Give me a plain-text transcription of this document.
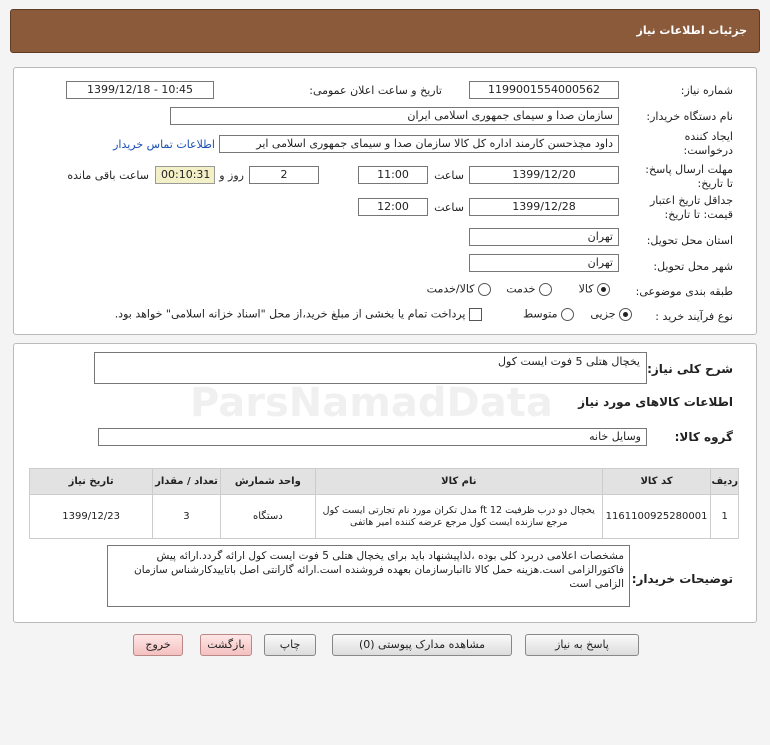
جزئیات اطلاعات نیاز
شماره نیاز:
1199001554000562
تاریخ و ساعت اعلان عمومی:
1399/12/18 - 10:45
نام دستگاه خریدار:
سازمان صدا و سیمای جمهوری اسلامی ایران
ایجاد کننده
درخواست:
داود مچذحسن کارمند اداره کل کالا سازمان صدا و سیمای جمهوری اسلامی ایر
اطلاعات تماس خریدار
مهلت ارسال پاسخ:
تا تاریخ:
1399/12/20
ساعت
11:00
2
روز و
00:10:31
ساعت باقی مانده
جداقل تاریخ اعتبار
قیمت: تا تاریخ:
1399/12/28
ساعت
12:00
استان محل تحویل:
تهران
شهر محل تحویل:
تهران
طبقه بندی موضوعی:
کالا
خدمت
کالا/خدمت
نوع فرآیند خرید :
جزیی
متوسط
پرداخت تمام یا بخشی از مبلغ خرید،از محل "اسناد خزانه اسلامی" خواهد بود.
شرح کلی نیاز:
یخچال هتلی 5 فوت ایست کول
اطلاعات کالاهای مورد نیاز
گروه کالا:
وسایل خانه
ردیف	کد کالا	نام کالا	واحد شمارش	تعداد / مقدار	تاریخ نیاز
1	1161100925280001	یخچال دو درب ظرفیت 12 ft مدل تکران مورد نام تجارتی ایست کول مرجع سازنده ایست کول مرجع عرضه کننده امیر هاتفی	دستگاه	3	1399/12/23
توضیحات خریدار:
مشخصات اعلامی دربرد کلی بوده ،لذاپیشنهاد باید برای یخچال هتلی 5 فوت ایست کول ارائه گردد.ارائه پیش فاکتورالزامی است.هزینه حمل کالا تاانبارسازمان بعهده فروشنده است.ارائه گارانتی اصل باتاییدکارشناس سازمان الزامی است
پاسخ به نیاز
مشاهده مدارک پیوستی (0)
چاپ
بازگشت
خروج
